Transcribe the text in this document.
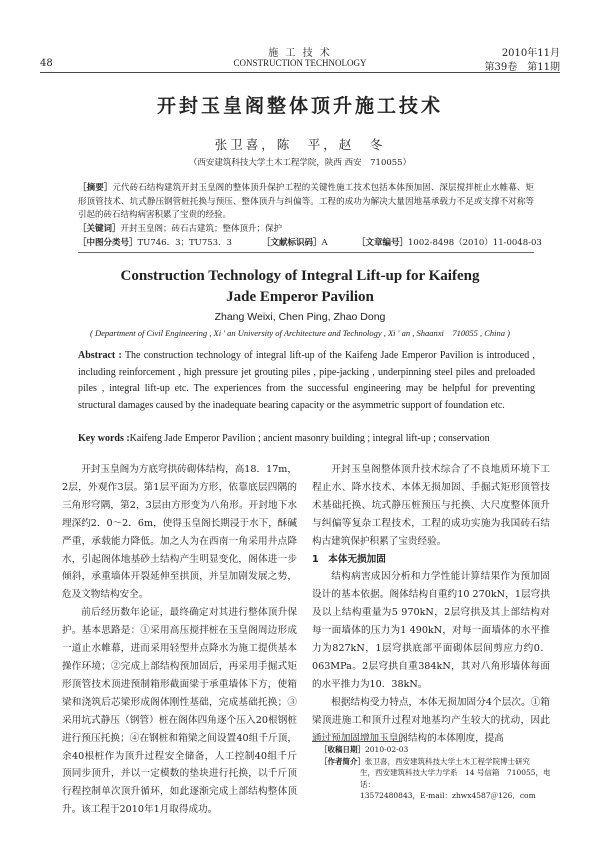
48
施 工 技 术
CONSTRUCTION TECHNOLOGY
2010年11月
第39卷　第11期
开封玉皇阁整体顶升施工技术
张卫喜，陈　平，赵　冬
（西安建筑科技大学土木工程学院，陕西 西安　710055）
［摘要］元代砖石结构建筑开封玉皇阁的整体顶升保护工程的关键性施工技术包括本体预加固、深层搅拌桩止水帷幕、矩形顶管技术、坑式静压钢管桩托换与预压、整体顶升与纠偏等。工程的成功为解决大量因地基承载力不足或支撑不对称等引起的砖石结构病害积累了宝贵的经验。
［关键词］开封玉皇阁；砖石古建筑；整体顶升；保护
［中图分类号］TU746．3；TU753．3	［文献标识码］A	［文章编号］1002-8498（2010）11-0048-03
Construction Technology of Integral Lift-up for Kaifeng Jade Emperor Pavilion
Zhang Weixi, Chen Ping, Zhao Dong
( Department of Civil Engineering , Xi ' an University of Architecture and Technology , Xi ' an , Shaanxi　710055 , China )
Abstract : The construction technology of integral lift-up of the Kaifeng Jade Emperor Pavilion is introduced , including reinforcement , high pressure jet grouting piles , pipe-jacking , underpinning steel piles and preloaded piles , integral lift-up etc. The experiences from the successful engineering may be helpful for preventing structural damages caused by the inadequate bearing capacity or the asymmetric support of foundation etc.
Key words :Kaifeng Jade Emperor Pavilion ; ancient masonry building ; integral lift-up ; conservation

开封玉皇阁为方底穹拱砖砌体结构，高18．17m，2层，外观作3层。第1层平面为方形，依靠底层四隅的三角形穹隅，第2，3层由方形变为八角形。开封地下水埋深约2．0～2．6m，使得玉皇阁长期浸于水下，酥碱严重，承载能力降低。加之人为在西南一角采用井点降水，引起阁体地基砂土结构产生明显变化，阁体进一步倾斜，承重墙体开裂延伸至拱顶，并呈加剧发展之势，危及文物结构安全。

前后经历数年论证，最终确定对其进行整体顶升保护。基本思路是：①采用高压搅拌桩在玉皇阁周边形成一道止水帷幕，进而采用轻型井点降水为施工提供基本操作环境；②完成上部结构预加固后，再采用手掘式矩形顶管技术顶进预制箱形截面梁于承重墙体下方，使箱梁和浇筑后芯梁形成阁体刚性基础，完成基础托换；③采用坑式静压（钢管）桩在阁体四角逐个压入20根钢桩进行预压托换；④在钢桩和箱梁之间设置40组千斤顶，余40根桩作为顶升过程安全储备，人工控制40组千斤顶同步顶升，并以一定模数的垫块进行托换，以千斤顶行程控制单次顶升循环，如此逐渐完成上部结构整体顶升。该工程于2010年1月取得成功。

开封玉皇阁整体顶升技术综合了不良地质环境下工程止水、降水技术、本体无损加固、手掘式矩形顶管技术基础托换、坑式静压桩预压与托换、大尺度整体顶升与纠偏等复杂工程技术，工程的成功实施为我国砖石结构古建筑保护积累了宝贵经验。

1　本体无损加固

结构病害成因分析和力学性能计算结果作为预加固设计的基本依据。阁体结构自重约10 270kN，1层穹拱及以上结构重量为5 970kN，2层穹拱及其上部结构对每一面墙体的压力为1 490kN，对每一面墙体的水平推力为827kN，1层穹拱底部平面砌体层间剪应力约0．063MPa。2层穹拱自重384kN，其对八角形墙体每面的水平推力为10．38kN。

根据结构受力特点，本体无损加固分4个层次。①箱梁顶进施工和顶升过程对地基均产生较大的扰动，因此通过预加固增加玉皇阁结构的本体刚度，提高

［收稿日期］2010-02-03
［作者简介］张卫喜，西安建筑科技大学土木工程学院博士研究
生，西安建筑科技大学力学系　14 号信箱　710055，电话：
13572480843，E-mail：zhwx4587＠126．com
